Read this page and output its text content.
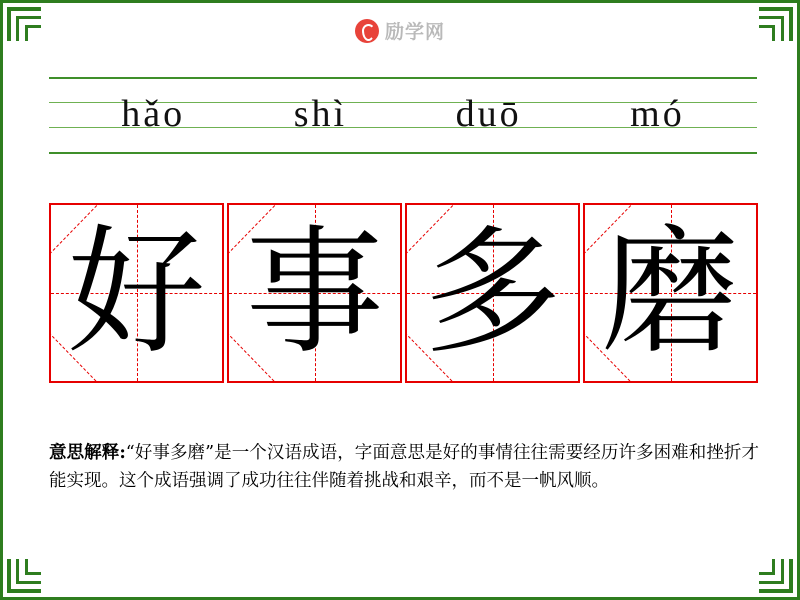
励学网
hǎo	shì	duō	mó
好 事 多 磨
意思解释:“好事多磨”是一个汉语成语，字面意思是好的事情往往需要经历许多困难和挫折才能实现。这个成语强调了成功往往伴随着挑战和艰辛，而不是一帆风顺。
